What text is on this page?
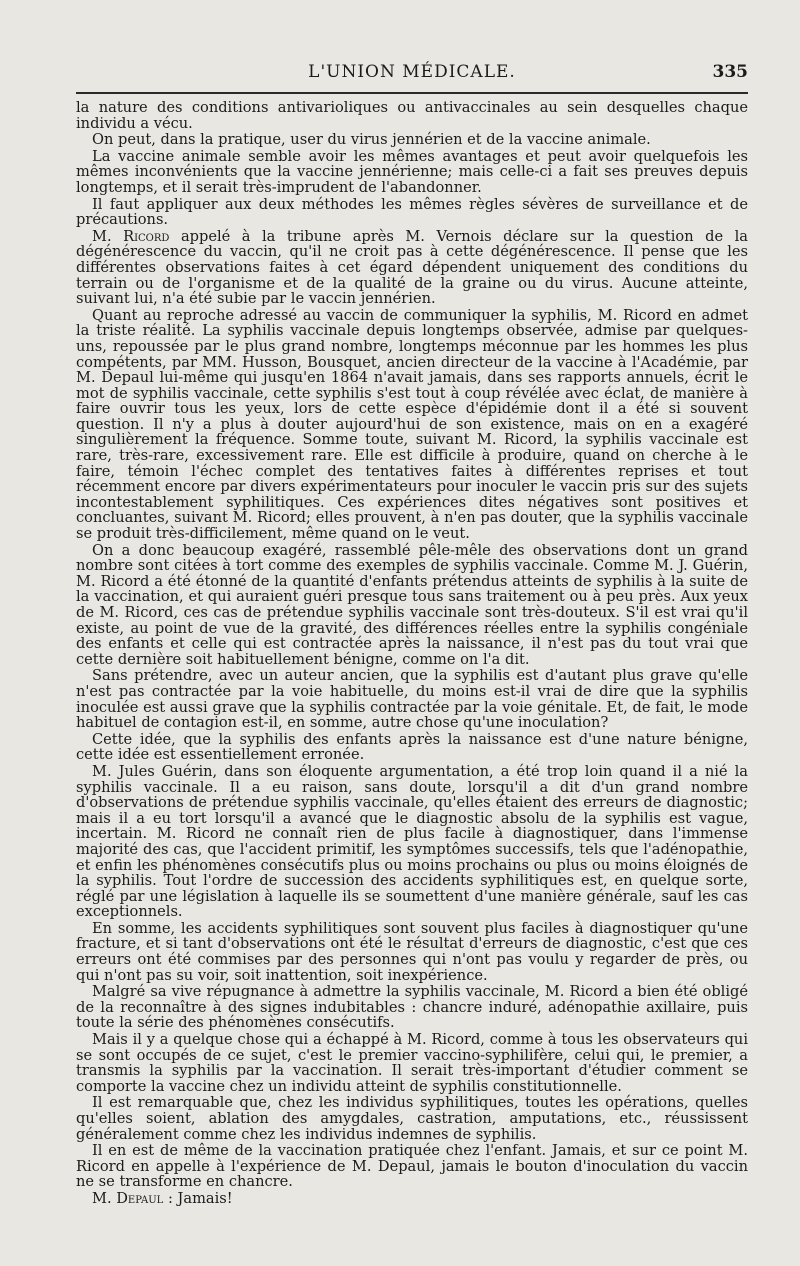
L'UNION MÉDICALE.	335

la nature des conditions antivarioliques ou antivaccinales au sein desquelles chaque individu a vécu.

On peut, dans la pratique, user du virus jennérien et de la vaccine animale.

La vaccine animale semble avoir les mêmes avantages et peut avoir quelquefois les mêmes inconvénients que la vaccine jennérienne; mais celle-ci a fait ses preuves depuis longtemps, et il serait très-imprudent de l'abandonner.

Il faut appliquer aux deux méthodes les mêmes règles sévères de surveillance et de précautions.

M. Ricord appelé à la tribune après M. Vernois déclare sur la question de la dégénérescence du vaccin, qu'il ne croit pas à cette dégénérescence. Il pense que les différentes observations faites à cet égard dépendent uniquement des conditions du terrain ou de l'organisme et de la qualité de la graine ou du virus. Aucune atteinte, suivant lui, n'a été subie par le vaccin jennérien.

Quant au reproche adressé au vaccin de communiquer la syphilis, M. Ricord en admet la triste réalité. La syphilis vaccinale depuis longtemps observée, admise par quelques-uns, repoussée par le plus grand nombre, longtemps méconnue par les hommes les plus compétents, par MM. Husson, Bousquet, ancien directeur de la vaccine à l'Académie, par M. Depaul lui-même qui jusqu'en 1864 n'avait jamais, dans ses rapports annuels, écrit le mot de syphilis vaccinale, cette syphilis s'est tout à coup révélée avec éclat, de manière à faire ouvrir tous les yeux, lors de cette espèce d'épidémie dont il a été si souvent question. Il n'y a plus à douter aujourd'hui de son existence, mais on en a exagéré singulièrement la fréquence. Somme toute, suivant M. Ricord, la syphilis vaccinale est rare, très-rare, excessivement rare. Elle est difficile à produire, quand on cherche à le faire, témoin l'échec complet des tentatives faites à différentes reprises et tout récemment encore par divers expérimentateurs pour inoculer le vaccin pris sur des sujets incontestablement syphilitiques. Ces expériences dites négatives sont positives et concluantes, suivant M. Ricord; elles prouvent, à n'en pas douter, que la syphilis vaccinale se produit très-difficilement, même quand on le veut.

On a donc beaucoup exagéré, rassemblé pêle-mêle des observations dont un grand nombre sont citées à tort comme des exemples de syphilis vaccinale. Comme M. J. Guérin, M. Ricord a été étonné de la quantité d'enfants prétendus atteints de syphilis à la suite de la vaccination, et qui auraient guéri presque tous sans traitement ou à peu près. Aux yeux de M. Ricord, ces cas de prétendue syphilis vaccinale sont très-douteux. S'il est vrai qu'il existe, au point de vue de la gravité, des différences réelles entre la syphilis congéniale des enfants et celle qui est contractée après la naissance, il n'est pas du tout vrai que cette dernière soit habituellement bénigne, comme on l'a dit.

Sans prétendre, avec un auteur ancien, que la syphilis est d'autant plus grave qu'elle n'est pas contractée par la voie habituelle, du moins est-il vrai de dire que la syphilis inoculée est aussi grave que la syphilis contractée par la voie génitale. Et, de fait, le mode habituel de contagion est-il, en somme, autre chose qu'une inoculation?

Cette idée, que la syphilis des enfants après la naissance est d'une nature bénigne, cette idée est essentiellement erronée.

M. Jules Guérin, dans son éloquente argumentation, a été trop loin quand il a nié la syphilis vaccinale. Il a eu raison, sans doute, lorsqu'il a dit d'un grand nombre d'observations de prétendue syphilis vaccinale, qu'elles étaient des erreurs de diagnostic; mais il a eu tort lorsqu'il a avancé que le diagnostic absolu de la syphilis est vague, incertain. M. Ricord ne connaît rien de plus facile à diagnostiquer, dans l'immense majorité des cas, que l'accident primitif, les symptômes successifs, tels que l'adénopathie, et enfin les phénomènes consécutifs plus ou moins prochains ou plus ou moins éloignés de la syphilis. Tout l'ordre de succession des accidents syphilitiques est, en quelque sorte, réglé par une législation à laquelle ils se soumettent d'une manière générale, sauf les cas exceptionnels.

En somme, les accidents syphilitiques sont souvent plus faciles à diagnostiquer qu'une fracture, et si tant d'observations ont été le résultat d'erreurs de diagnostic, c'est que ces erreurs ont été commises par des personnes qui n'ont pas voulu y regarder de près, ou qui n'ont pas su voir, soit inattention, soit inexpérience.

Malgré sa vive répugnance à admettre la syphilis vaccinale, M. Ricord a bien été obligé de la reconnaître à des signes indubitables : chancre induré, adénopathie axillaire, puis toute la série des phénomènes consécutifs.

Mais il y a quelque chose qui a échappé à M. Ricord, comme à tous les observateurs qui se sont occupés de ce sujet, c'est le premier vaccino-syphilifère, celui qui, le premier, a transmis la syphilis par la vaccination. Il serait très-important d'étudier comment se comporte la vaccine chez un individu atteint de syphilis constitutionnelle.

Il est remarquable que, chez les individus syphilitiques, toutes les opérations, quelles qu'elles soient, ablation des amygdales, castration, amputations, etc., réussissent généralement comme chez les individus indemnes de syphilis.

Il en est de même de la vaccination pratiquée chez l'enfant. Jamais, et sur ce point M. Ricord en appelle à l'expérience de M. Depaul, jamais le bouton d'inoculation du vaccin ne se transforme en chancre.

M. Depaul : Jamais!
